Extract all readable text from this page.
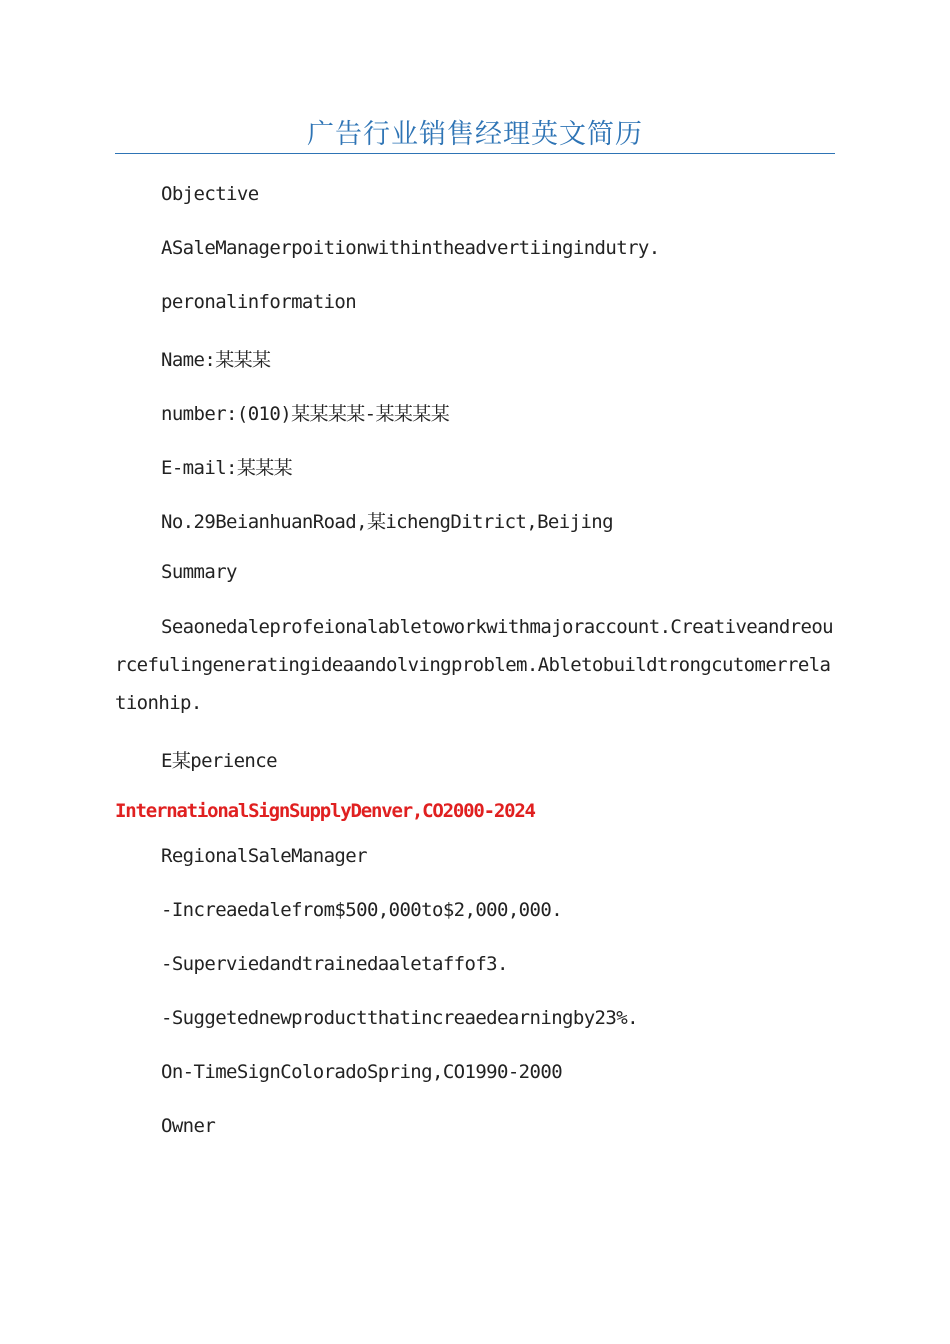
广告行业销售经理英文简历

Objective

ASaleManagerpoitionwithintheadvertiingindutry.

peronalinformation

Name:某某某

number:(010)某某某某-某某某某

E-mail:某某某

No.29BeianhuanRoad,某ichengDitrict,Beijing

Summary

Seaonedaleprofeionalabletoworkwithmajoraccount.Creativeandreourcefulingeneratingideaandolvingproblem.Abletobuildtrongcutomerrelationhip.

E某perience

InternationalSignSupplyDenver,CO2000-2024

RegionalSaleManager

-Increaedalefrom$500,000to$2,000,000.

-Superviedandtrainedaaletaffof3.

-Suggetednewproductthatincreaedearningby23%.

On-TimeSignColoradoSpring,CO1990-2000

Owner
